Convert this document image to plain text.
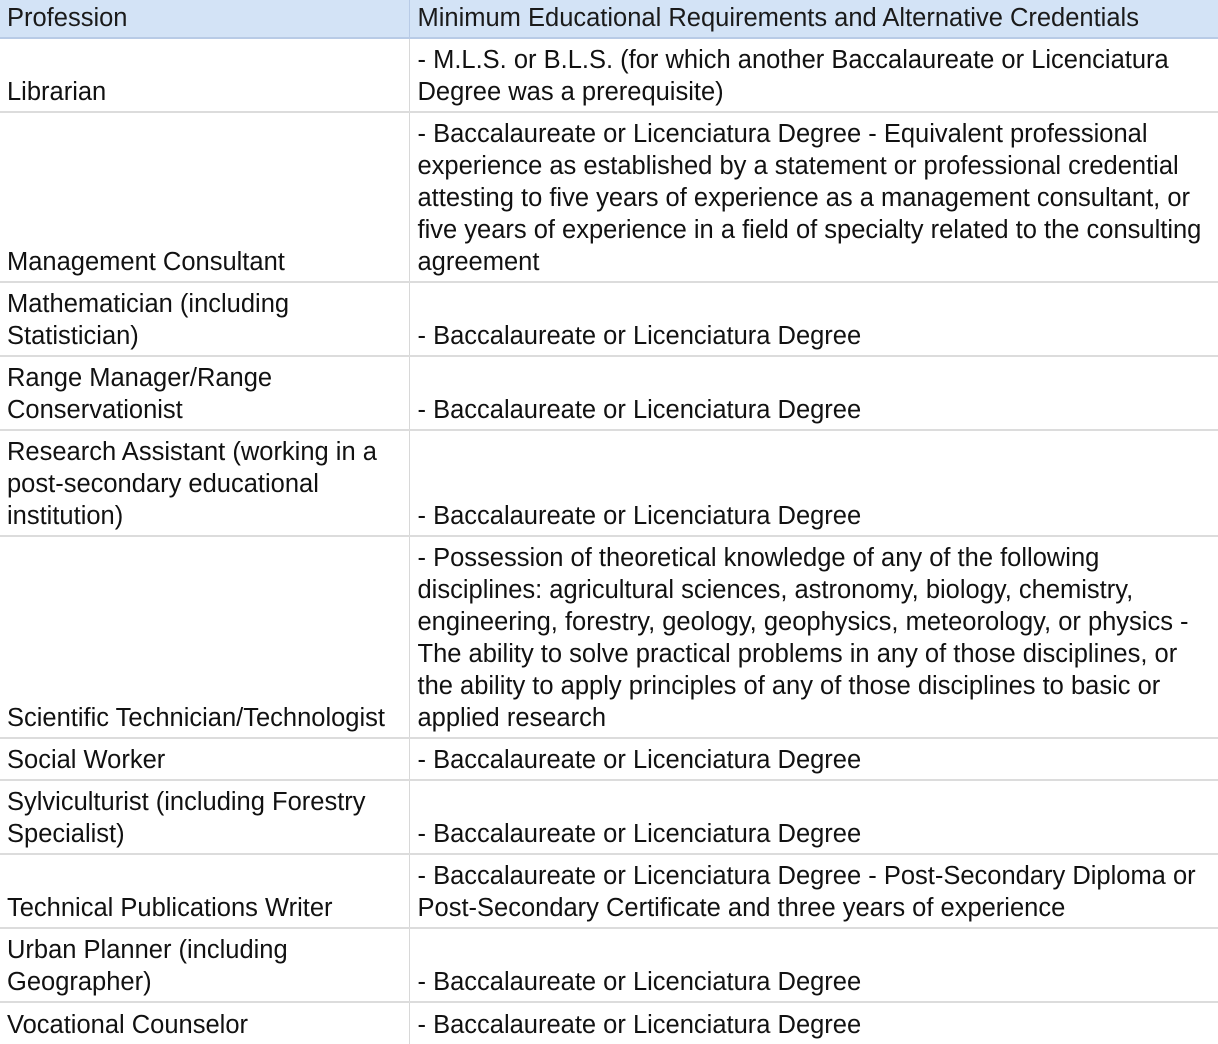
Profession	Minimum Educational Requirements and Alternative Credentials
Librarian	- M.L.S. or B.L.S. (for which another Baccalaureate or Licenciatura Degree was a prerequisite)
Management Consultant	- Baccalaureate or Licenciatura Degree - Equivalent professional experience as established by a statement or professional credential attesting to five years of experience as a management consultant, or five years of experience in a field of specialty related to the consulting agreement
Mathematician (including Statistician)	- Baccalaureate or Licenciatura Degree
Range Manager/Range Conservationist	- Baccalaureate or Licenciatura Degree
Research Assistant (working in a post-secondary educational institution)	- Baccalaureate or Licenciatura Degree
Scientific Technician/Technologist	- Possession of theoretical knowledge of any of the following disciplines: agricultural sciences, astronomy, biology, chemistry, engineering, forestry, geology, geophysics, meteorology, or physics - The ability to solve practical problems in any of those disciplines, or the ability to apply principles of any of those disciplines to basic or applied research
Social Worker	- Baccalaureate or Licenciatura Degree
Sylviculturist (including Forestry Specialist)	- Baccalaureate or Licenciatura Degree
Technical Publications Writer	- Baccalaureate or Licenciatura Degree - Post-Secondary Diploma or Post-Secondary Certificate and three years of experience
Urban Planner (including Geographer)	- Baccalaureate or Licenciatura Degree
Vocational Counselor	- Baccalaureate or Licenciatura Degree
